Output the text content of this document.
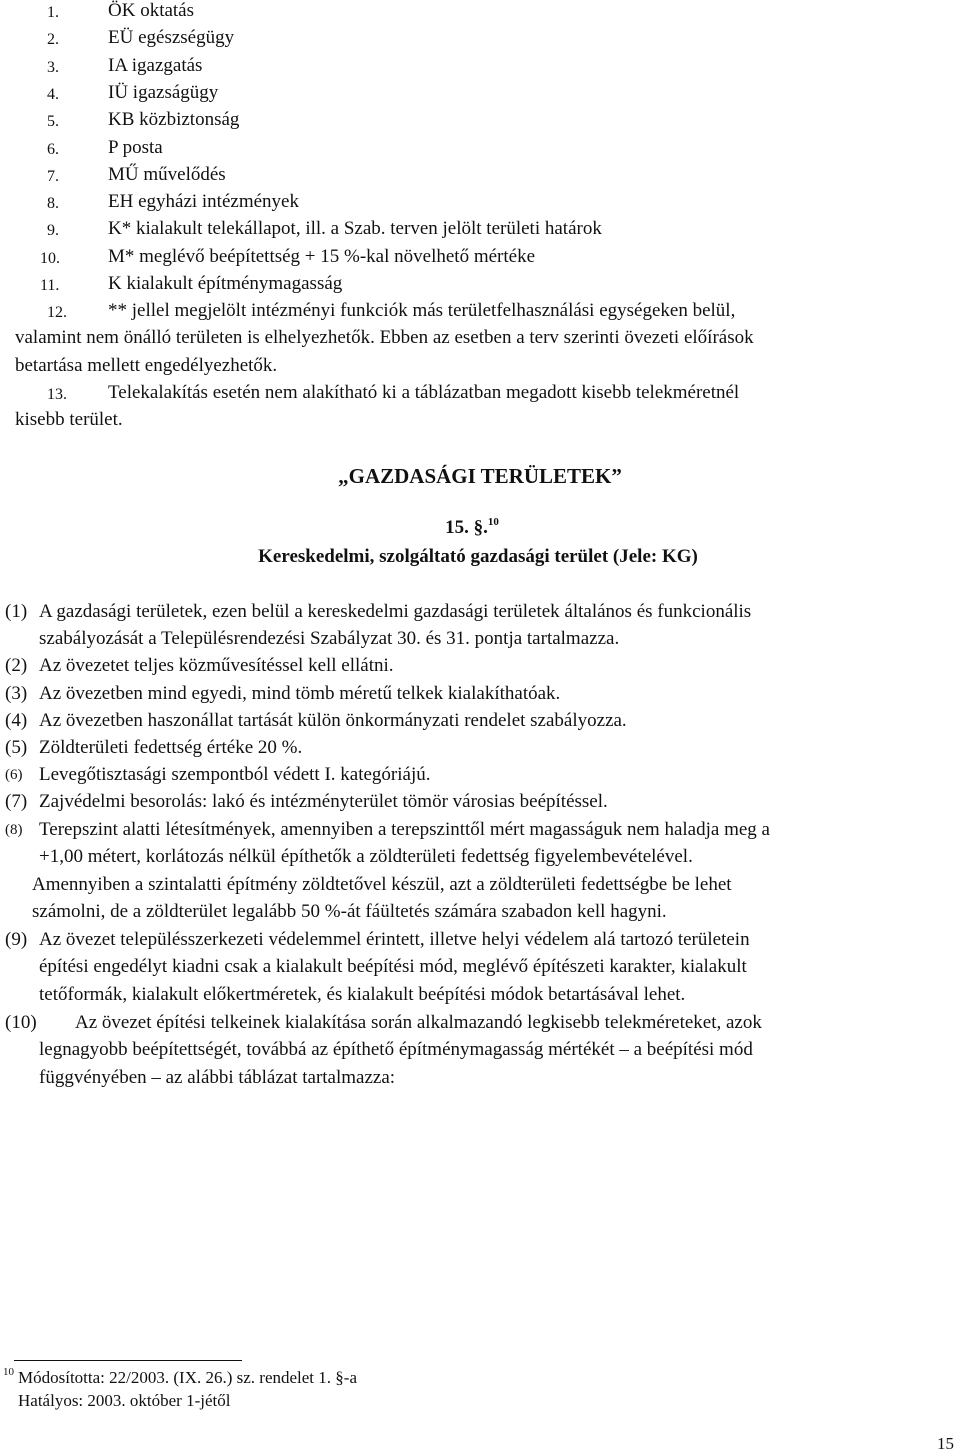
1.	ÖK oktatás
2.	EÜ egészségügy
3.	IA igazgatás
4.	IÜ igazságügy
5.	KB közbiztonság
6.	P posta
7.	MŰ művelődés
8.	EH egyházi intézmények
9.	K* kialakult telekállapot, ill. a Szab. terven jelölt területi határok
10.	M* meglévő beépítettség + 15 %-kal növelhető mértéke
11.	K kialakult építménymagasság
12. ** jellel megjelölt intézményi funkciók más területfelhasználási egységeken belül,
valamint nem önálló területen is elhelyezhetők. Ebben az esetben a terv szerinti övezeti előírások
betartása mellett engedélyezhetők.
13. Telekalakítás esetén nem alakítható ki a táblázatban megadott kisebb telekméretnél
kisebb terület.
„GAZDASÁGI TERÜLETEK”
15. §.$^{10}$
Kereskedelmi, szolgáltató gazdasági terület (Jele: KG)
(1) A gazdasági területek, ezen belül a kereskedelmi gazdasági területek általános és funkcionális
szabályozását a Településrendezési Szabályzat 30. és 31. pontja tartalmazza.
(2) Az övezetet teljes közművesítéssel kell ellátni.
(3) Az övezetben mind egyedi, mind tömb méretű telkek kialakíthatóak.
(4) Az övezetben haszonállat tartását külön önkormányzati rendelet szabályozza.
(5) Zöldterületi fedettség értéke 20 %.
(6) Levegőtisztasági szempontból védett I. kategóriájú.
(7) Zajvédelmi besorolás: lakó és intézményterület tömör városias beépítéssel.
(8) Terepszint alatti létesítmények, amennyiben a terepszinttől mért magasságuk nem haladja meg a
+1,00 métert, korlátozás nélkül építhetők a zöldterületi fedettség figyelembevételével.
Amennyiben a szintalatti építmény zöldtetővel készül, azt a zöldterületi fedettségbe be lehet
számolni, de a zöldterület legalább 50 %-át fáültetés számára szabadon kell hagyni.
(9) Az övezet településszerkezeti védelemmel érintett, illetve helyi védelem alá tartozó területein
építési engedélyt kiadni csak a kialakult beépítési mód, meglévő építészeti karakter, kialakult
tetőformák, kialakult előkertméretek, és kialakult beépítési módok betartásával lehet.
(10) Az övezet építési telkeinek kialakítása során alkalmazandó legkisebb telekméreteket, azok
legnagyobb beépítettségét, továbbá az építhető építménymagasság mértékét – a beépítési mód
függvényében – az alábbi táblázat tartalmazza:
10 Módosította: 22/2003. (IX. 26.) sz. rendelet 1. §-a
Hatályos: 2003. október 1-jétől
15
